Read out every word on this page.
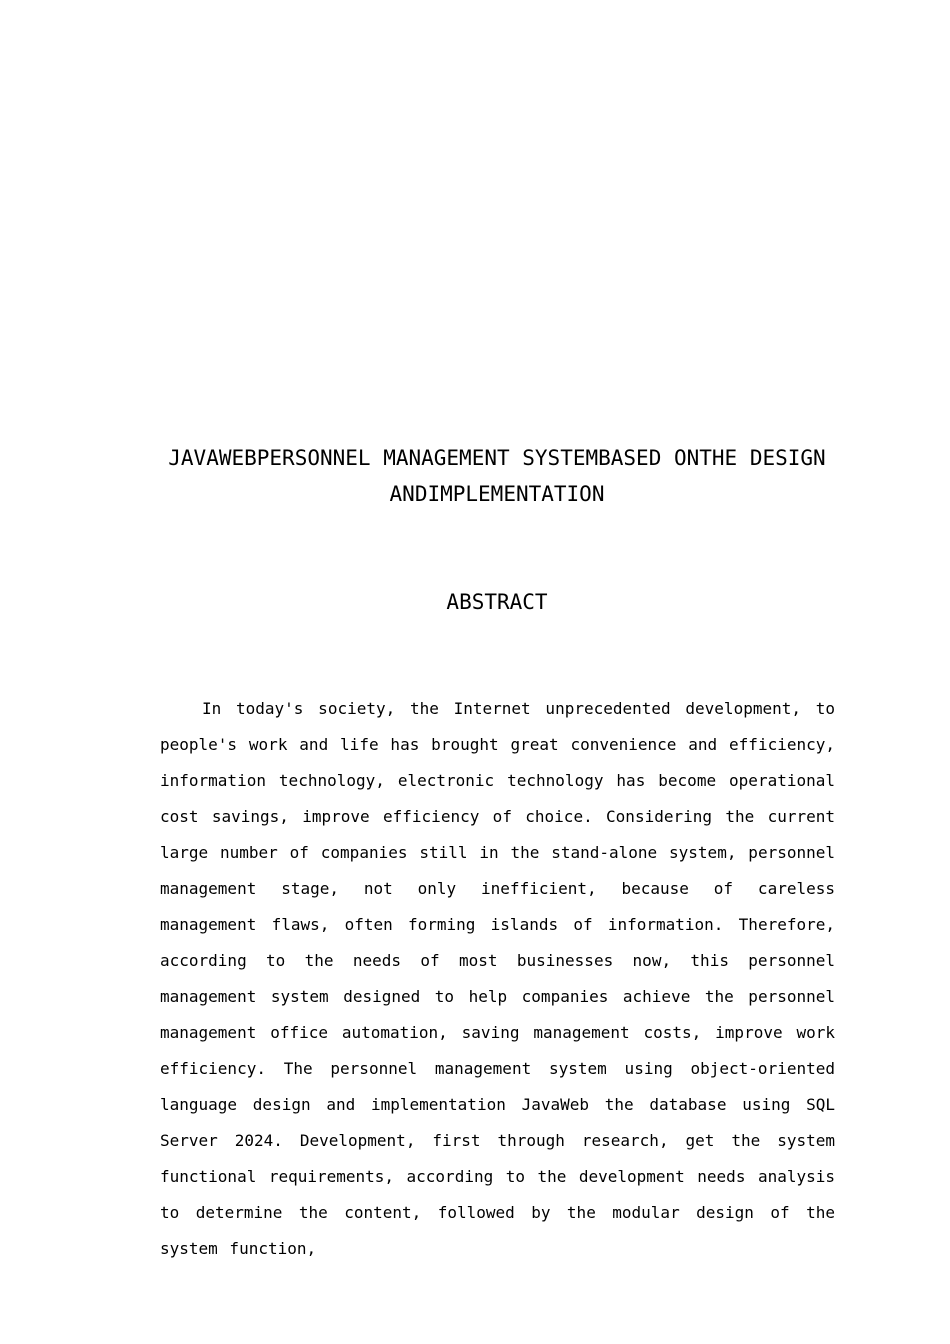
JAVAWEBPERSONNEL MANAGEMENT SYSTEMBASED ONTHE DESIGN ANDIMPLEMENTATION
ABSTRACT

In today's society, the Internet unprecedented development, to people's work and life has brought great convenience and efficiency, information technology, electronic technology has become operational cost savings, improve efficiency of choice. Considering the current large number of companies still in the stand-alone system, personnel management stage, not only inefficient, because of careless management flaws, often forming islands of information. Therefore, according to the needs of most businesses now, this personnel management system designed to help companies achieve the personnel management office automation, saving management costs, improve work efficiency. The personnel management system using object-oriented language design and implementation JavaWeb the database using SQL Server 2024. Development, first through research, get the system functional requirements, according to the development needs analysis to determine the content, followed by the modular design of the system function,
